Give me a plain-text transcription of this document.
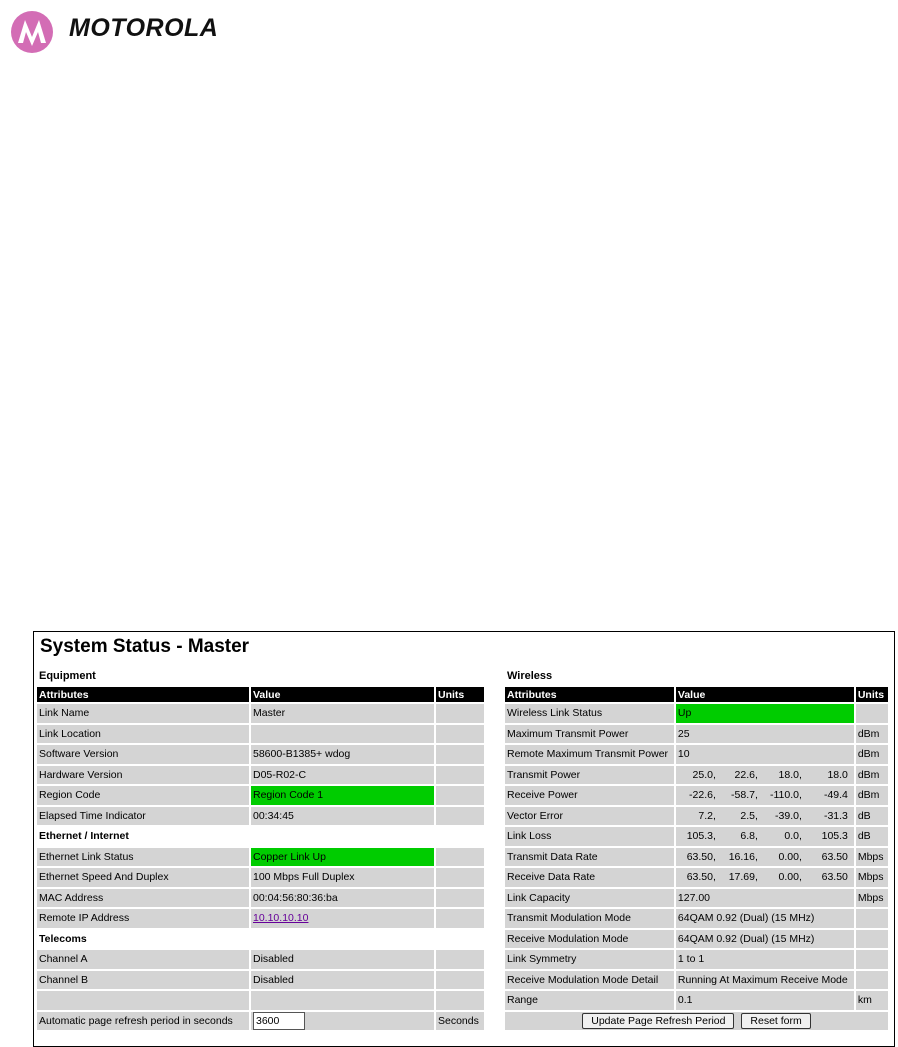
MOTOROLA
System Status - Master
Equipment
Attributes	Value	Units
Link Name	Master	
Link Location		
Software Version	58600-B1385+ wdog	
Hardware Version	D05-R02-C	
Region Code	Region Code 1	
Elapsed Time Indicator	00:34:45	
Ethernet / Internet		
Ethernet Link Status	Copper Link Up	
Ethernet Speed And Duplex	100 Mbps Full Duplex	
MAC Address	00:04:56:80:36:ba	
Remote IP Address	10.10.10.10	
Telecoms		
Channel A	Disabled	
Channel B	Disabled	

Automatic page refresh period in seconds	3600	Seconds
Wireless
Attributes	Value	Units
Wireless Link Status	Up	
Maximum Transmit Power	25	dBm
Remote Maximum Transmit Power	10	dBm
Transmit Power	25.0, 22.6, 18.0, 18.0	dBm
Receive Power	-22.6, -58.7, -110.0, -49.4	dBm
Vector Error	7.2, 2.5, -39.0, -31.3	dB
Link Loss	105.3, 6.8, 0.0, 105.3	dB
Transmit Data Rate	63.50, 16.16, 0.00, 63.50	Mbps
Receive Data Rate	63.50, 17.69, 0.00, 63.50	Mbps
Link Capacity	127.00	Mbps
Transmit Modulation Mode	64QAM 0.92 (Dual) (15 MHz)	
Receive Modulation Mode	64QAM 0.92 (Dual) (15 MHz)	
Link Symmetry	1 to 1	
Receive Modulation Mode Detail	Running At Maximum Receive Mode	
Range	0.1	km
Update Page Refresh Period Reset form		
